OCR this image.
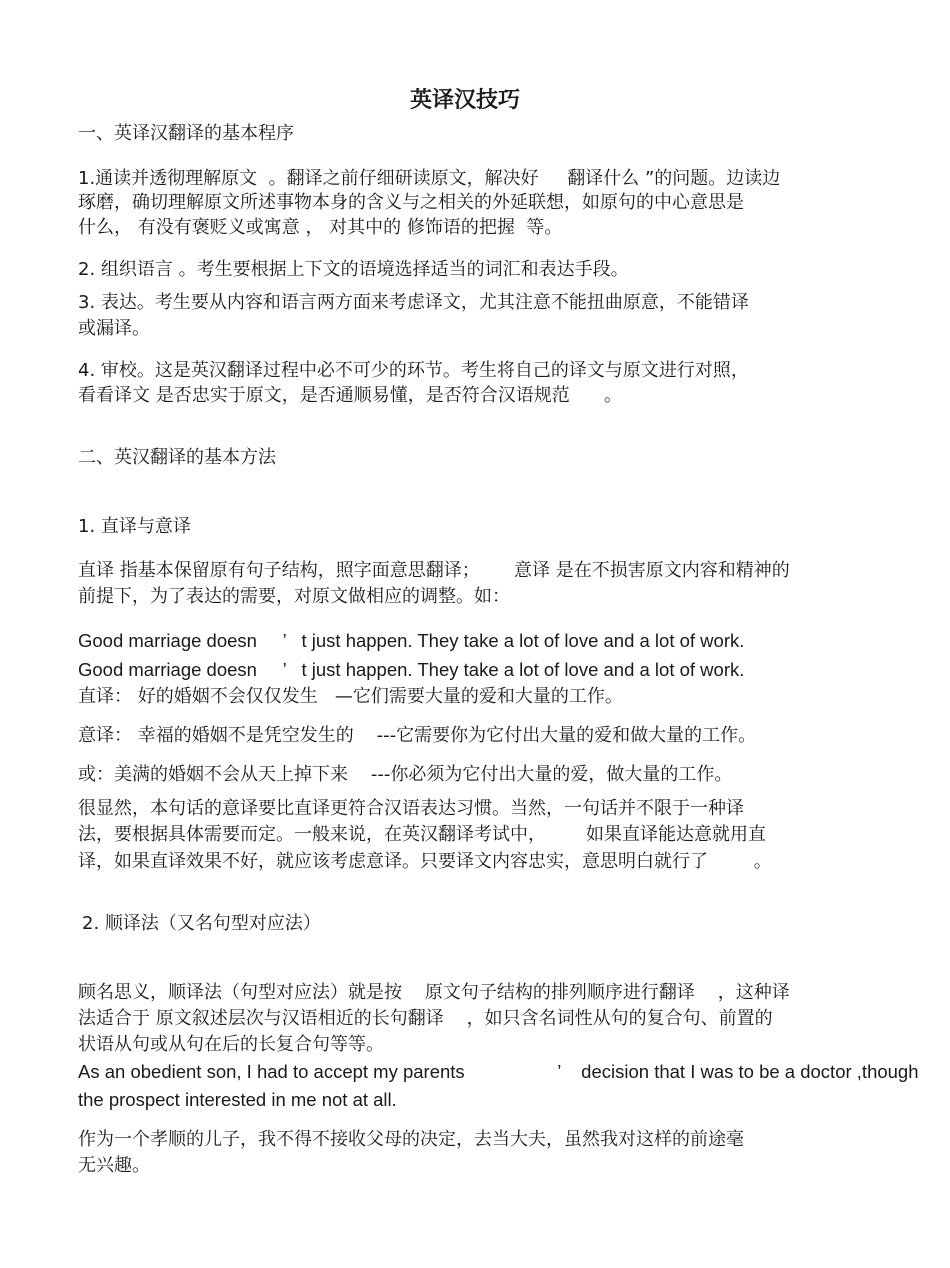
英译汉技巧

一、英译汉翻译的基本程序

1.通读并透彻理解原文  。翻译之前仔细研读原文，解决好     翻译什么 ”的问题。边读边

琢磨，确切理解原文所述事物本身的含义与之相关的外延联想，如原句的中心意思是

什么， 有没有褒贬义或寓意 ， 对其中的 修饰语的把握  等。

2. 组织语言 。考生要根据上下文的语境选择适当的词汇和表达手段。

3. 表达。考生要从内容和语言两方面来考虑译文，尤其注意不能扭曲原意，不能错译

或漏译。

4. 审校。这是英汉翻译过程中必不可少的环节。考生将自己的译文与原文进行对照，

看看译文 是否忠实于原文，是否通顺易懂，是否符合汉语规范      。

二、英汉翻译的基本方法

1. 直译与意译

直译 指基本保留原有句子结构，照字面意思翻译；      意译 是在不损害原文内容和精神的

前提下，为了表达的需要，对原文做相应的调整。如：

Good marriage doesn     ’   t just happen. They take a lot of love and a lot of work.

Good marriage doesn     ’   t just happen. They take a lot of love and a lot of work.

直译： 好的婚姻不会仅仅发生   —它们需要大量的爱和大量的工作。

意译： 幸福的婚姻不是凭空发生的    ---它需要你为它付出大量的爱和做大量的工作。

或：美满的婚姻不会从天上掉下来    ---你必须为它付出大量的爱，做大量的工作。

很显然，本句话的意译要比直译更符合汉语表达习惯。当然，一句话并不限于一种译

法，要根据具体需要而定。一般来说，在英汉翻译考试中，       如果直译能达意就用直

译，如果直译效果不好，就应该考虑意译。只要译文内容忠实，意思明白就行了        。

2. 顺译法（又名句型对应法）

顾名思义，顺译法（句型对应法）就是按    原文句子结构的排列顺序进行翻译    ，这种译

法适合于 原文叙述层次与汉语相近的长句翻译    ，如只含名词性从句的复合句、前置的

状语从句或从句在后的长复合句等等。

As an obedient son, I had to accept my parents                  ’    decision that I was to be a doctor ,though

the prospect interested in me not at all.

作为一个孝顺的儿子，我不得不接收父母的决定，去当大夫，虽然我对这样的前途毫

无兴趣。
